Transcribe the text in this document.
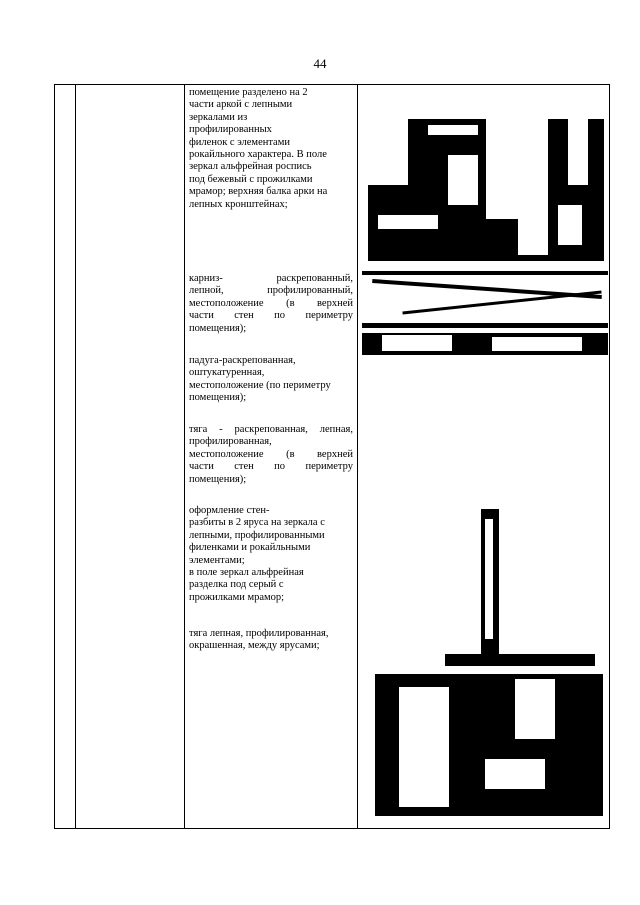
44
помещение разделено на 2
части аркой с лепными
зеркалами из
профилированных
филенок с элементами
рокайльного характера. В поле
зеркал альфрейная роспись
под бежевый с прожилками
мрамор; верхняя балка арки на
лепных кронштейнах;
карниз- раскрепованный,
лепной, профилированный,
местоположение (в верхней
части стен по периметру
помещения);
падуга-раскрепованная,
оштукатуренная,
местоположение (по периметру
помещения);
тяга - раскрепованная, лепная,
профилированная,
местоположение (в верхней
части стен по периметру
помещения);
оформление стен-
разбиты в 2 яруса на зеркала с
лепными, профилированными
филенками и рокайльными
элементами;
в поле зеркал альфрейная
разделка под серый с
прожилками мрамор;
тяга лепная, профилированная,
окрашенная, между ярусами;
